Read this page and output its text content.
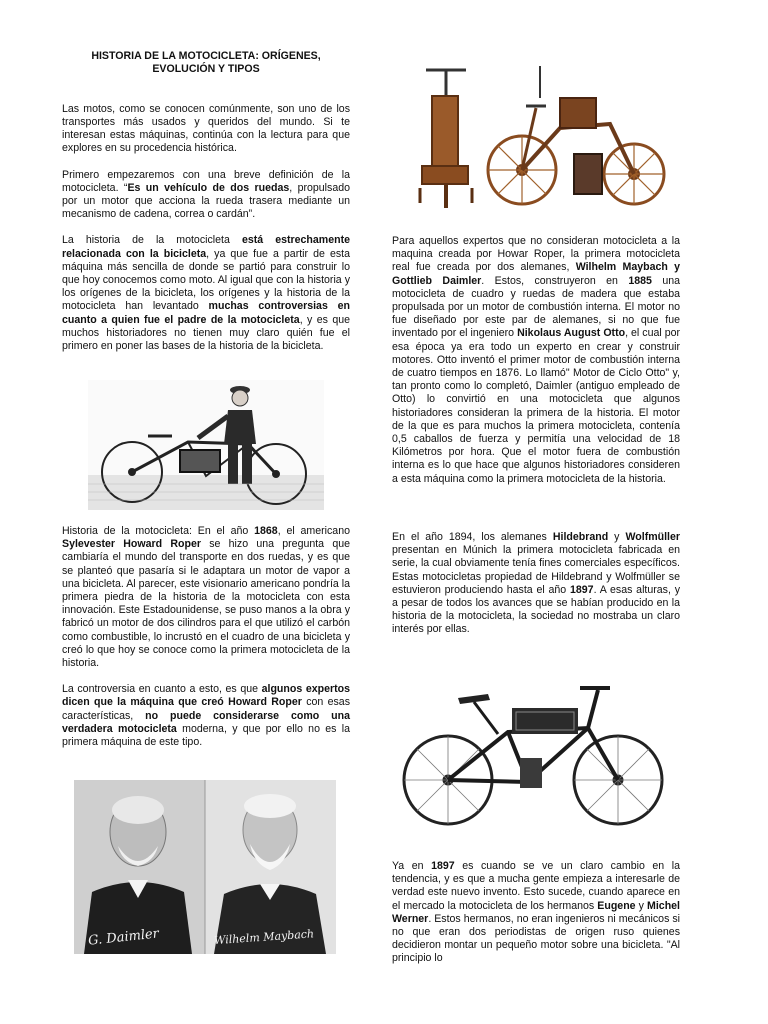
HISTORIA DE LA MOTOCICLETA: ORÍGENES, EVOLUCIÓN Y TIPOS

Las motos, como se conocen comúnmente, son uno de los transportes más usados y queridos del mundo. Si te interesan estas máquinas, continúa con la lectura para que explores en su procedencia histórica.

Primero empezaremos con una breve definición de la motocicleta. “Es un vehículo de dos ruedas, propulsado por un motor que acciona la rueda trasera mediante un mecanismo de cadena, correa o cardán”.

La historia de la motocicleta está estrechamente relacionada con la bicicleta, ya que fue a partir de esta máquina más sencilla de donde se partió para construir lo que hoy conocemos como moto. Al igual que con la historia y los orígenes de la bicicleta, los orígenes y la historia de la motocicleta han levantado muchas controversias en cuanto a quien fue el padre de la motocicleta, y es que muchos historiadores no tienen muy claro quién fue el primero en poner las bases de la historia de la bicicleta.

Historia de la motocicleta: En el año 1868, el americano Sylevester Howard Roper se hizo una pregunta que cambiaría el mundo del transporte en dos ruedas, y es que se planteó que pasaría si le adaptara un motor de vapor a una bicicleta. Al parecer, este visionario americano pondría la primera piedra de la historia de la motocicleta con esta innovación. Este Estadounidense, se puso manos a la obra y fabricó un motor de dos cilindros para el que utilizó el carbón como combustible, lo incrustó en el cuadro de una bicicleta y creó lo que hoy se conoce como la primera motocicleta de la historia.

La controversia en cuanto a esto, es que algunos expertos dicen que la máquina que creó Howard Roper con esas características, no puede considerarse como una verdadera motocicleta moderna, y que por ello no es la primera máquina de este tipo.

Para aquellos expertos que no consideran motocicleta a la maquina creada por Howar Roper, la primera motocicleta real fue creada por dos alemanes, Wilhelm Maybach y Gottlieb Daimler. Estos, construyeron en 1885 una motocicleta de cuadro y ruedas de madera que estaba propulsada por un motor de combustión interna. El motor no fue diseñado por este par de alemanes, si no que fue inventado por el ingeniero Nikolaus August Otto, el cual por esa época ya era todo un experto en crear y construir motores. Otto inventó el primer motor de combustión interna de cuatro tiempos en 1876. Lo llamó" Motor de Ciclo Otto" y, tan pronto como lo completó, Daimler (antiguo empleado de Otto) lo convirtió en una motocicleta que algunos historiadores consideran la primera de la historia. El motor de la que es para muchos la primera motocicleta, contenía 0,5 caballos de fuerza y permitía una velocidad de 18 Kilómetros por hora. Que el motor fuera de combustión interna es lo que hace que algunos historiadores consideren a esta máquina como la primera motocicleta de la historia.

En el año 1894, los alemanes Hildebrand y Wolfmüller presentan en Múnich la primera motocicleta fabricada en serie, la cual obviamente tenía fines comerciales específicos. Estas motocicletas propiedad de Hildebrand y Wolfmüller se estuvieron produciendo hasta el año 1897. A esas alturas, y a pesar de todos los avances que se habían producido en la historia de la motocicleta, la sociedad no mostraba un claro interés por ellas.

Ya en 1897 es cuando se ve un claro cambio en la tendencia, y es que a mucha gente empieza a interesarle de verdad este nuevo invento. Esto sucede, cuando aparece en el mercado la motocicleta de los hermanos Eugene y Michel Werner. Estos hermanos, no eran ingenieros ni mecánicos si no que eran dos periodistas de origen ruso quienes decidieron montar un pequeño motor sobre una bicicleta. "Al principio lo

G. Daimler	Wilhelm Maybach
